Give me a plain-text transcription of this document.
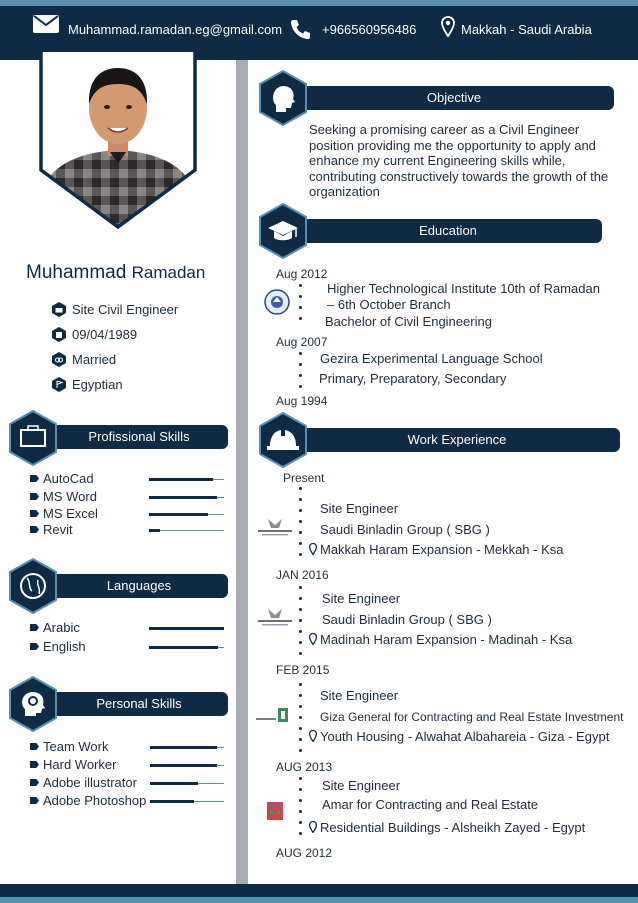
Muhammad.ramadan.eg@gmail.com	+966560956486	Makkah - Saudi Arabia
Muhammad Ramadan
Site Civil Engineer
09/04/1989
Married
Egyptian
Profissional Skills
AutoCad
MS Word
MS Excel
Revit
Languages
Arabic
English
Personal Skills
Team Work
Hard Worker
Adobe illustrator
Adobe Photoshop
Objective
Seeking a promising career as a Civil Engineer
position providing me the opportunity to apply and
enhance my current Engineering skills while,
contributing constructively towards the growth of the
organization
Education
Aug 2012
Aug 2007
Aug 1994
Higher Technological Institute 10th of Ramadan
– 6th October Branch
Bachelor of Civil Engineering
Gezira Experimental Language School
Primary, Preparatory, Secondary
Work Experience
Present
JAN 2016
FEB 2015
AUG 2013
AUG 2012
Site Engineer
Saudi Binladin Group ( SBG )
Makkah Haram Expansion - Mekkah - Ksa
Site Engineer
Saudi Binladin Group ( SBG )
Madinah Haram Expansion - Madinah - Ksa
Site Engineer
Giza General for Contracting and Real Estate Investment
Youth Housing - Alwahat Albahareia - Giza - Egypt
Site Engineer
Amar for Contracting and Real Estate
Residential Buildings - Alsheikh Zayed - Egypt
